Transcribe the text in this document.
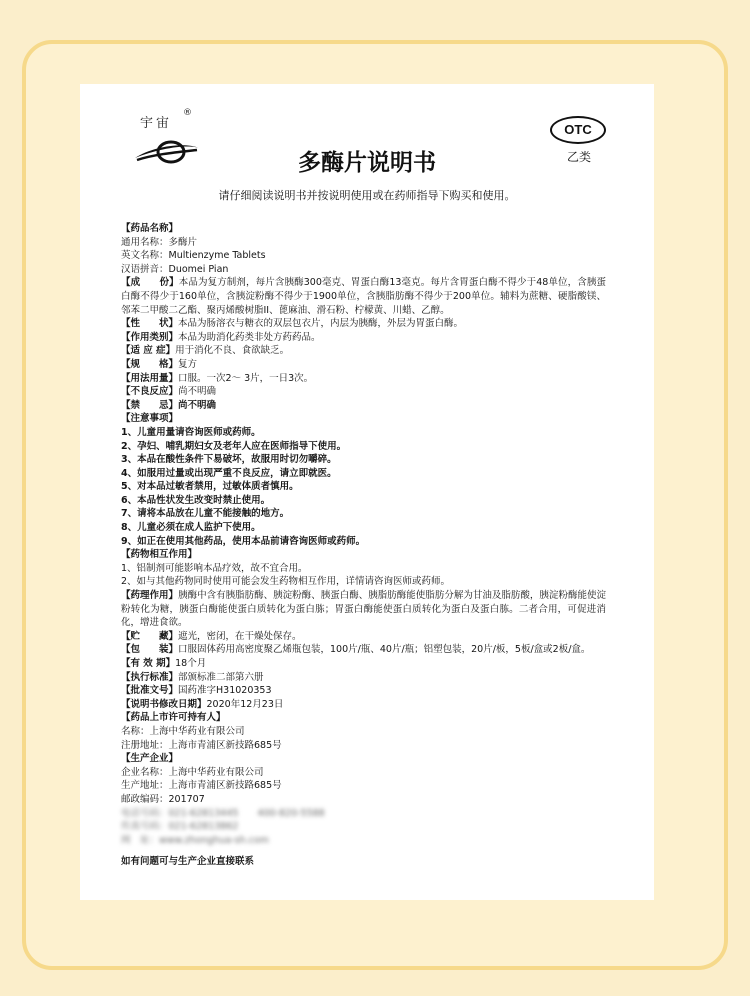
宇宙
®
OTC
乙类
多酶片说明书
请仔细阅读说明书并按说明使用或在药师指导下购买和使用。
【药品名称】
通用名称：多酶片
英文名称：Multienzyme Tablets
汉语拼音：Duomei Pian
【成　　份】本品为复方制剂，每片含胰酶300毫克、胃蛋白酶13毫克。每片含胃蛋白酶不得少于48单位，含胰蛋白酶不得少于160单位，含胰淀粉酶不得少于1900单位，含胰脂肪酶不得少于200单位。辅料为蔗糖、硬脂酸镁、邻苯二甲酸二乙酯、聚丙烯酸树脂II、蓖麻油、滑石粉、柠檬黄、川蜡、乙醇。
【性　　状】本品为肠溶衣与糖衣的双层包衣片，内层为胰酶，外层为胃蛋白酶。
【作用类别】本品为助消化药类非处方药药品。
【适 应 症】用于消化不良、食欲缺乏。
【规　　格】复方
【用法用量】口服。一次2～ 3片，一日3次。
【不良反应】尚不明确
【禁　　忌】尚不明确
【注意事项】
1、儿童用量请咨询医师或药师。
2、孕妇、哺乳期妇女及老年人应在医师指导下使用。
3、本品在酸性条件下易破坏，故服用时切勿嚼碎。
4、如服用过量或出现严重不良反应，请立即就医。
5、对本品过敏者禁用，过敏体质者慎用。
6、本品性状发生改变时禁止使用。
7、请将本品放在儿童不能接触的地方。
8、儿童必须在成人监护下使用。
9、如正在使用其他药品，使用本品前请咨询医师或药师。
【药物相互作用】
1、铝制剂可能影响本品疗效，故不宜合用。
2、如与其他药物同时使用可能会发生药物相互作用，详情请咨询医师或药师。
【药理作用】胰酶中含有胰脂肪酶、胰淀粉酶、胰蛋白酶、胰脂肪酶能使脂肪分解为甘油及脂肪酸，胰淀粉酶能使淀粉转化为糖，胰蛋白酶能使蛋白质转化为蛋白胨；胃蛋白酶能使蛋白质转化为蛋白及蛋白胨。二者合用，可促进消化，增进食欲。
【贮　　藏】遮光，密闭，在干燥处保存。
【包　　装】口服固体药用高密度聚乙烯瓶包装，100片/瓶、40片/瓶；铝塑包装，20片/板，5板/盒或2板/盒。
【有 效 期】18个月
【执行标准】部颁标准二部第六册
【批准文号】国药准字H31020353
【说明书修改日期】2020年12月23日
【药品上市许可持有人】
名称：上海中华药业有限公司
注册地址：上海市青浦区新技路685号
【生产企业】
企业名称：上海中华药业有限公司
生产地址：上海市青浦区新技路685号
邮政编码：201707
电话号码：021-62813445　　400-820-5588
传真号码：021-62813862
网　址：www.zhonghua-sh.com
如有问题可与生产企业直接联系
